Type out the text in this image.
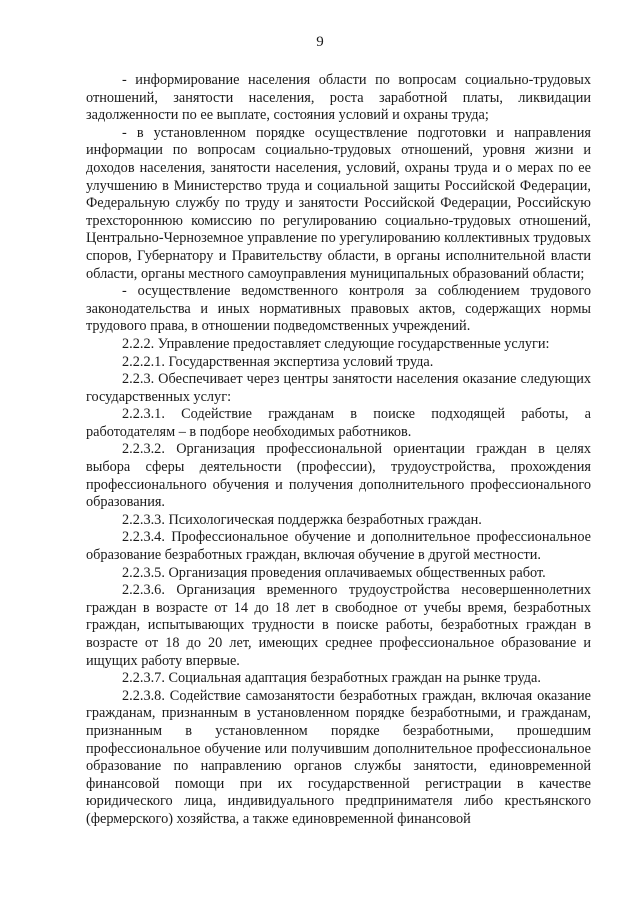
9

- информирование населения области по вопросам социально-трудовых отношений, занятости населения, роста заработной платы, ликвидации задолженности по ее выплате, состояния условий и охраны труда;

- в установленном порядке осуществление подготовки и направления информации по вопросам социально-трудовых отношений, уровня жизни и доходов населения, занятости населения, условий, охраны труда и о мерах по ее улучшению в Министерство труда и социальной защиты Российской Федерации, Федеральную службу по труду и занятости Российской Федерации, Российскую трехстороннюю комиссию по регулированию социально-трудовых отношений, Центрально-Черноземное управление по урегулированию коллективных трудовых споров, Губернатору и Правительству области, в органы исполнительной власти области, органы местного самоуправления муниципальных образований области;

- осуществление ведомственного контроля за соблюдением трудового законодательства и иных нормативных правовых актов, содержащих нормы трудового права, в отношении подведомственных учреждений.

2.2.2. Управление предоставляет следующие государственные услуги:

2.2.2.1. Государственная экспертиза условий труда.

2.2.3. Обеспечивает через центры занятости населения оказание следующих государственных услуг:

2.2.3.1. Содействие гражданам в поиске подходящей работы, а работодателям – в подборе необходимых работников.

2.2.3.2. Организация профессиональной ориентации граждан в целях выбора сферы деятельности (профессии), трудоустройства, прохождения профессионального обучения и получения дополнительного профессионального образования.

2.2.3.3. Психологическая поддержка безработных граждан.

2.2.3.4. Профессиональное обучение и дополнительное профессиональное образование безработных граждан, включая обучение в другой местности.

2.2.3.5. Организация проведения оплачиваемых общественных работ.

2.2.3.6. Организация временного трудоустройства несовершеннолетних граждан в возрасте от 14 до 18 лет в свободное от учебы время, безработных граждан, испытывающих трудности в поиске работы, безработных граждан в возрасте от 18 до 20 лет, имеющих среднее профессиональное образование и ищущих работу впервые.

2.2.3.7. Социальная адаптация безработных граждан на рынке труда.

2.2.3.8. Содействие самозанятости безработных граждан, включая оказание гражданам, признанным в установленном порядке безработными, и гражданам, признанным в установленном порядке безработными, прошедшим профессиональное обучение или получившим дополнительное профессиональное образование по направлению органов службы занятости, единовременной финансовой помощи при их государственной регистрации в качестве юридического лица, индивидуального предпринимателя либо крестьянского (фермерского) хозяйства, а также единовременной финансовой
